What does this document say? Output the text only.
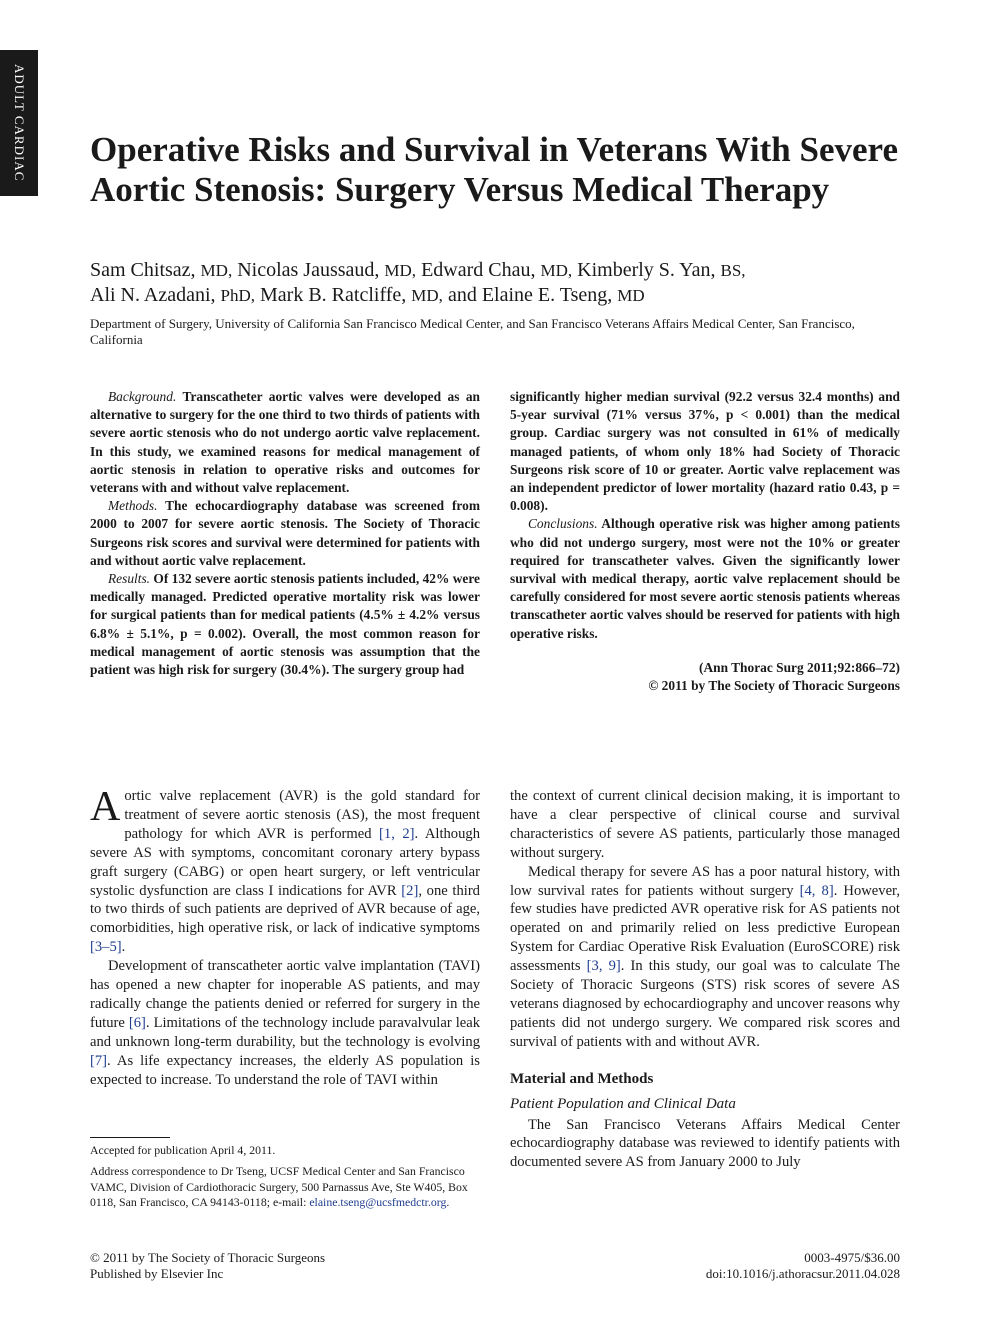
ADULT CARDIAC Operative Risks and Survival in Veterans With Severe Aortic Stenosis: Surgery Versus Medical Therapy
Sam Chitsaz, MD, Nicolas Jaussaud, MD, Edward Chau, MD, Kimberly S. Yan, BS,
Ali N. Azadani, PhD, Mark B. Ratcliffe, MD, and Elaine E. Tseng, MD
Department of Surgery, University of California San Francisco Medical Center, and San Francisco Veterans Affairs Medical Center, San Francisco, California

Background. Transcatheter aortic valves were developed as an alternative to surgery for the one third to two thirds of patients with severe aortic stenosis who do not undergo aortic valve replacement. In this study, we examined reasons for medical management of aortic stenosis in relation to operative risks and outcomes for veterans with and without valve replacement.

Methods. The echocardiography database was screened from 2000 to 2007 for severe aortic stenosis. The Society of Thoracic Surgeons risk scores and survival were determined for patients with and without aortic valve replacement.

Results. Of 132 severe aortic stenosis patients included, 42% were medically managed. Predicted operative mortality risk was lower for surgical patients than for medical patients (4.5% ± 4.2% versus 6.8% ± 5.1%, p = 0.002). Overall, the most common reason for medical management of aortic stenosis was assumption that the patient was high risk for surgery (30.4%). The surgery group had

significantly higher median survival (92.2 versus 32.4 months) and 5-year survival (71% versus 37%, p < 0.001) than the medical group. Cardiac surgery was not consulted in 61% of medically managed patients, of whom only 18% had Society of Thoracic Surgeons risk score of 10 or greater. Aortic valve replacement was an independent predictor of lower mortality (hazard ratio 0.43, p = 0.008).

Conclusions. Although operative risk was higher among patients who did not undergo surgery, most were not the 10% or greater required for transcatheter valves. Given the significantly lower survival with medical therapy, aortic valve replacement should be carefully considered for most severe aortic stenosis patients whereas transcatheter aortic valves should be reserved for patients with high operative risks.

(Ann Thorac Surg 2011;92:866–72)
© 2011 by The Society of Thoracic Surgeons

Aortic valve replacement (AVR) is the gold standard for treatment of severe aortic stenosis (AS), the most frequent pathology for which AVR is performed [1, 2]. Although severe AS with symptoms, concomitant coronary artery bypass graft surgery (CABG) or open heart surgery, or left ventricular systolic dysfunction are class I indications for AVR [2], one third to two thirds of such patients are deprived of AVR because of age, comorbidities, high operative risk, or lack of indicative symptoms [3–5].

Development of transcatheter aortic valve implantation (TAVI) has opened a new chapter for inoperable AS patients, and may radically change the patients denied or referred for surgery in the future [6]. Limitations of the technology include paravalvular leak and unknown long-term durability, but the technology is evolving [7]. As life expectancy increases, the elderly AS population is expected to increase. To understand the role of TAVI within

the context of current clinical decision making, it is important to have a clear perspective of clinical course and survival characteristics of severe AS patients, particularly those managed without surgery.

Medical therapy for severe AS has a poor natural history, with low survival rates for patients without surgery [4, 8]. However, few studies have predicted AVR operative risk for AS patients not operated on and primarily relied on less predictive European System for Cardiac Operative Risk Evaluation (EuroSCORE) risk assessments [3, 9]. In this study, our goal was to calculate The Society of Thoracic Surgeons (STS) risk scores of severe AS veterans diagnosed by echocardiography and uncover reasons why patients did not undergo surgery. We compared risk scores and survival of patients with and without AVR.

Material and Methods
Patient Population and Clinical Data

The San Francisco Veterans Affairs Medical Center echocardiography database was reviewed to identify patients with documented severe AS from January 2000 to July

Accepted for publication April 4, 2011.

Address correspondence to Dr Tseng, UCSF Medical Center and San Francisco VAMC, Division of Cardiothoracic Surgery, 500 Parnassus Ave, Ste W405, Box 0118, San Francisco, CA 94143-0118; e-mail: elaine.tseng@ucsfmedctr.org.

© 2011 by The Society of Thoracic Surgeons
Published by Elsevier Inc
0003-4975/$36.00
doi:10.1016/j.athoracsur.2011.04.028
